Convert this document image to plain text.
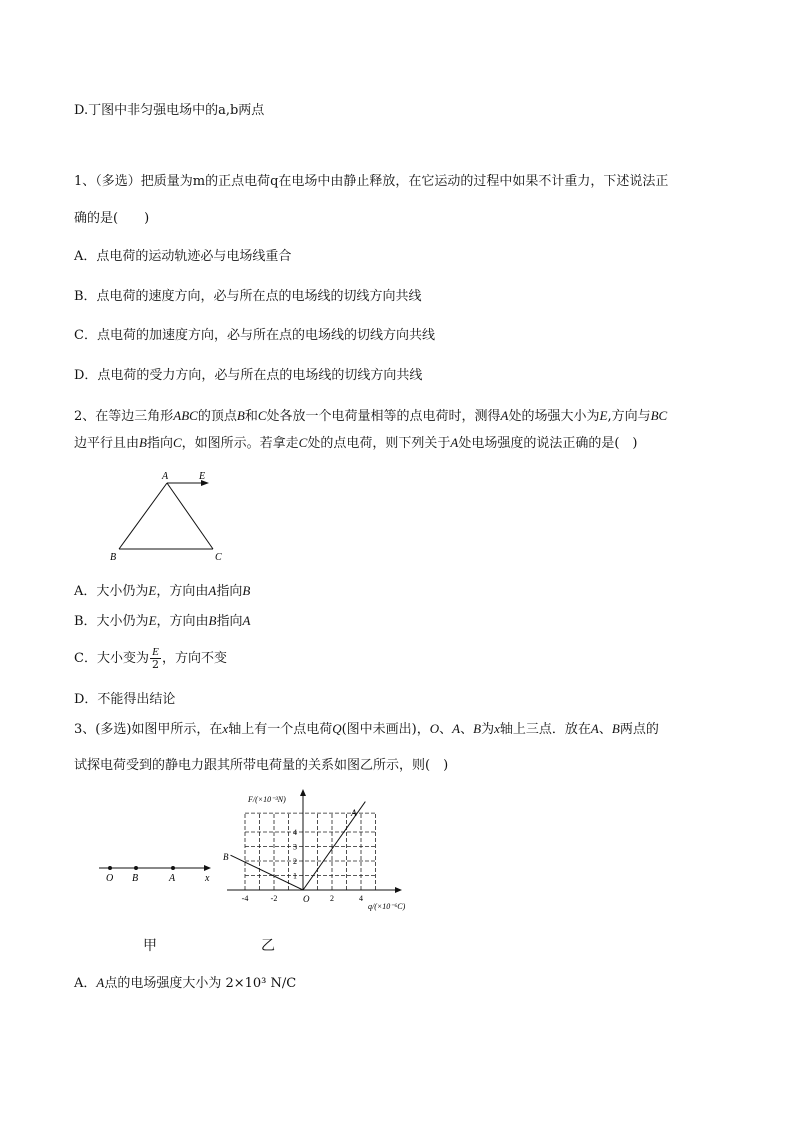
D.丁图中非匀强电场中的a,b两点
1、（多选）把质量为m的正点电荷q在电场中由静止释放，在它运动的过程中如果不计重力，下述说法正
确的是(　　)
A．点电荷的运动轨迹必与电场线重合
B．点电荷的速度方向，必与所在点的电场线的切线方向共线
C．点电荷的加速度方向，必与所在点的电场线的切线方向共线
D．点电荷的受力方向，必与所在点的电场线的切线方向共线
2、在等边三角形ABC的顶点B和C处各放一个电荷量相等的点电荷时，测得A处的场强大小为E,方向与BC
边平行且由B指向C，如图所示。若拿走C处的点电荷，则下列关于A处电场强度的说法正确的是(　)
A	E
B	C
A．大小仍为E，方向由A指向B
B．大小仍为E，方向由B指向A
C．大小变为 $\frac{E}{2}$ ，方向不变
D．不能得出结论
3、(多选)如图甲所示，在x轴上有一个点电荷Q(图中未画出)，O、A、B为x轴上三点．放在A、B两点的
试探电荷受到的静电力跟其所带电荷量的关系如图乙所示，则(　)
O B	A	x
甲
1
2
3
4
-4	-2	2	4
F/(×10⁻³N)
q/(×10⁻⁶C)
O
A
B
乙
A．A点的电场强度大小为 2×10³ N/C
